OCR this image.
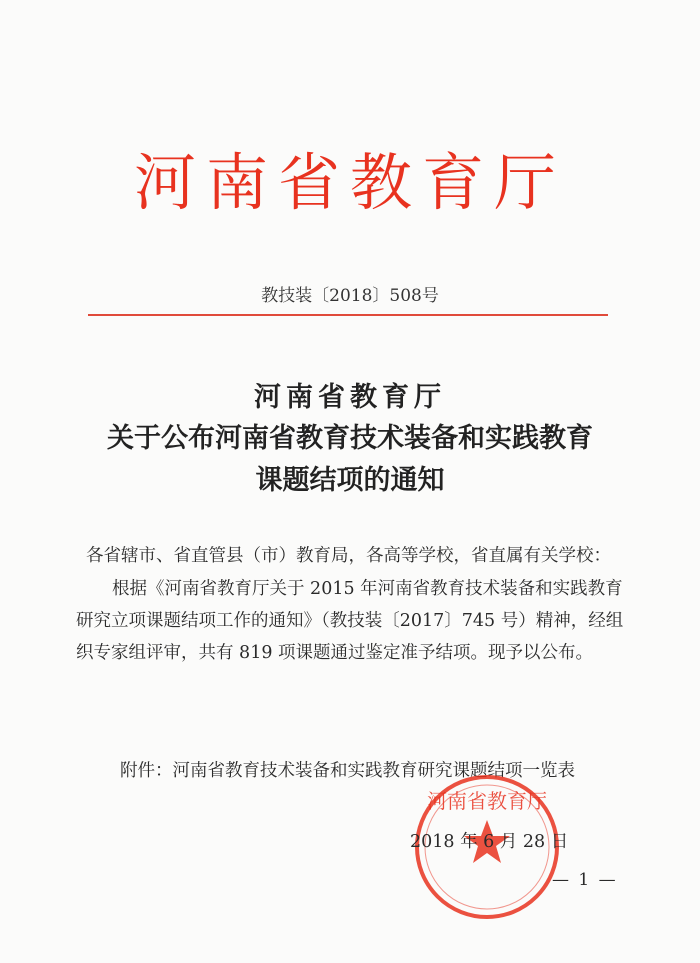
河南省教育厅
教技装〔2018〕508号
河南省教育厅
关于公布河南省教育技术装备和实践教育
课题结项的通知
各省辖市、省直管县（市）教育局，各高等学校，省直属有关学校：
根据《河南省教育厅关于 2015 年河南省教育技术装备和实践教育研究立项课题结项工作的通知》（教技装〔2017〕745 号）精神，经组织专家组评审，共有 819 项课题通过鉴定准予结项。现予以公布。
附件：河南省教育技术装备和实践教育研究课题结项一览表
河南省教育厅
2018 年 6 月 28 日
— 1 —
